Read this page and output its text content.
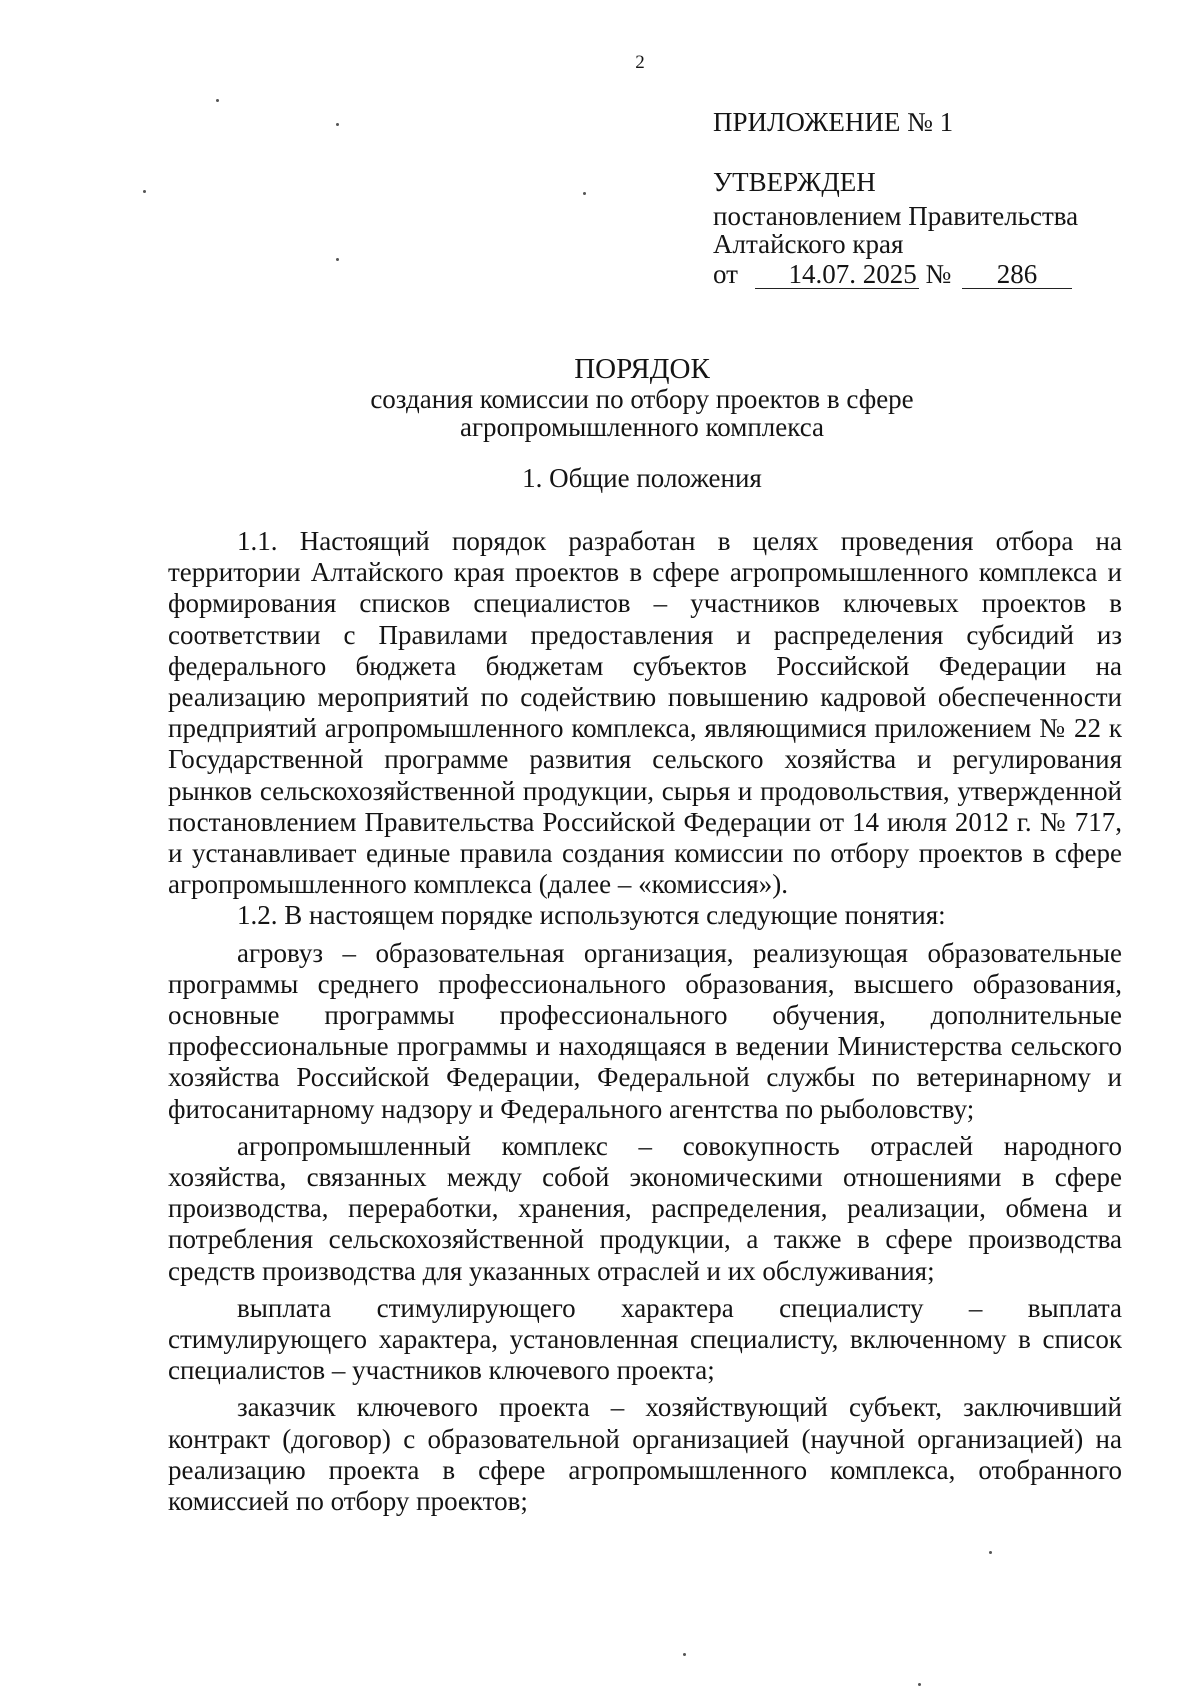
2
ПРИЛОЖЕНИЕ № 1
УТВЕРЖДЕН
постановлением Правительства
Алтайского края
от 14.07. 2025 № 286
ПОРЯДОК
создания комиссии по отбору проектов в сфере
агропромышленного комплекса
1. Общие положения

1.1. Настоящий порядок разработан в целях проведения отбора на территории Алтайского края проектов в сфере агропромышленного комплекса и формирования списков специалистов – участников ключевых проектов в соответствии с Правилами предоставления и распределения субсидий из федерального бюджета бюджетам субъектов Российской Федерации на реализацию мероприятий по содействию повышению кадровой обеспеченности предприятий агропромышленного комплекса, являющимися приложением № 22 к Государственной программе развития сельского хозяйства и регулирования рынков сельскохозяйственной продукции, сырья и продовольствия, утвержденной постановлением Правительства Российской Федерации от 14 июля 2012 г. № 717, и устанавливает единые правила создания комиссии по отбору проектов в сфере агропромышленного комплекса (далее – «комиссия»).

1.2. В настоящем порядке используются следующие понятия:

агровуз – образовательная организация, реализующая образовательные программы среднего профессионального образования, высшего образования, основные программы профессионального обучения, дополнительные профессиональные программы и находящаяся в ведении Министерства сельского хозяйства Российской Федерации, Федеральной службы по ветеринарному и фитосанитарному надзору и Федерального агентства по рыболовству;

агропромышленный комплекс – совокупность отраслей народного хозяйства, связанных между собой экономическими отношениями в сфере производства, переработки, хранения, распределения, реализации, обмена и потребления сельскохозяйственной продукции, а также в сфере производства средств производства для указанных отраслей и их обслуживания;

выплата стимулирующего характера специалисту – выплата стимулирующего характера, установленная специалисту, включенному в список специалистов – участников ключевого проекта;

заказчик ключевого проекта – хозяйствующий субъект, заключивший контракт (договор) с образовательной организацией (научной организацией) на реализацию проекта в сфере агропромышленного комплекса, отобранного комиссией по отбору проектов;
